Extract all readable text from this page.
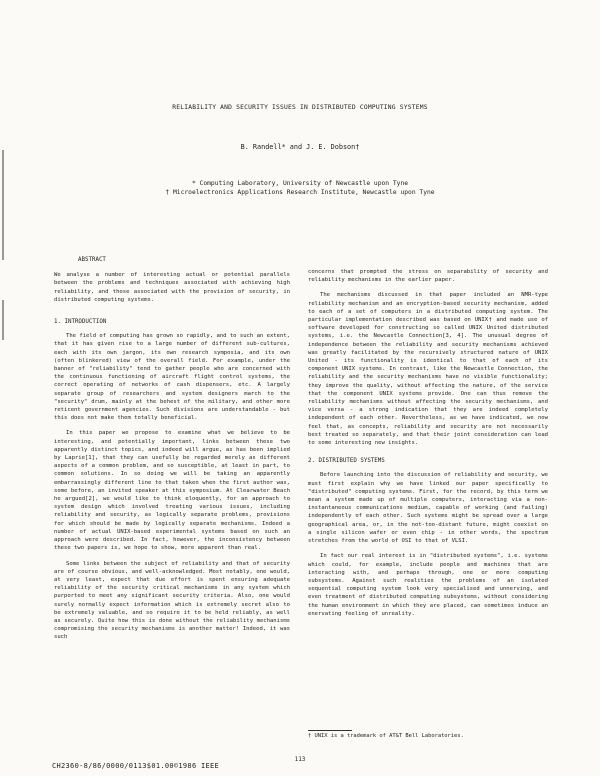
RELIABILITY AND SECURITY ISSUES IN DISTRIBUTED COMPUTING SYSTEMS
B. Randell* and J. E. Dobson†
* Computing Laboratory, University of Newcastle upon Tyne
† Microelectronics Applications Research Institute, Newcastle upon Tyne
ABSTRACT

We analyse a number of interesting actual or potential parallels between the problems and techniques associated with achieving high reliability, and those associated with the provision of security, in distributed computing systems.

1. INTRODUCTION

The field of computing has grown so rapidly, and to such an extent, that it has given rise to a large number of different sub-cultures, each with its own jargon, its own research symposia, and its own (often blinkered) view of the overall field. For example, under the banner of "reliability" tend to gather people who are concerned with the continuous functioning of aircraft flight control systems, the correct operating of networks of cash dispensers, etc. A largely separate group of researchers and system designers march to the "security" drum, mainly at the behest of the military, and other more reticent government agencies. Such divisions are understandable - but this does not make them totally beneficial.

In this paper we propose to examine what we believe to be interesting, and potentially important, links between these two apparently distinct topics, and indeed will argue, as has been implied by Laprie[1], that they can usefully be regarded merely as different aspects of a common problem, and so susceptible, at least in part, to common solutions. In so doing we will be taking an apparently embarrassingly different line to that taken when the first author was, some before, an invited speaker at this symposium. At Clearwater Beach he argued[2], we would like to think eloquently, for an approach to system design which involved treating various issues, including reliability and security, as logically separate problems, provisions for which should be made by logically separate mechanisms. Indeed a number of actual UNIX-based experimental systems based on such an approach were described. In fact, however, the inconsistency between these two papers is, we hope to show, more apparent than real.

Some links between the subject of reliability and that of security are of course obvious, and well-acknowledged. Most notably, one would, at very least, expect that due effort is spent ensuring adequate reliability of the security critical mechanisms in any system which purported to meet any significant security criteria. Also, one would surely normally expect information which is extremely secret also to be extremely valuable, and so require it to be held reliably, as well as securely. Quite how this is done without the reliability mechanisms compromising the security mechanisms is another matter! Indeed, it was such

concerns that prompted the stress on separability of security and reliability mechanisms in the earlier paper.

The mechanisms discussed in that paper included an NMR-type reliability mechanism and an encryption-based security mechanism, added to each of a set of computers in a distributed computing system. The particular implementation described was based on UNIX† and made use of software developed for constructing so called UNIX United distributed systems, i.e. the Newcastle Connection[3, 4]. The unusual degree of independence between the reliability and security mechanisms achieved was greatly facilitated by the recursively structured nature of UNIX United - its functionality is identical to that of each of its component UNIX systems. In contrast, like the Newcastle Connection, the reliability and the security mechanisms have no visible functionality; they improve the quality, without affecting the nature, of the service that the component UNIX systems provide. One can thus remove the reliability mechanisms without affecting the security mechanisms, and vice versa - a strong indication that they are indeed completely independent of each other. Nevertheless, as we have indicated, we now feel that, as concepts, reliability and security are not necessarily best treated so separately, and that their joint consideration can lead to some interesting new insights.

2. DISTRIBUTED SYSTEMS

Before launching into the discussion of reliability and security, we must first explain why we have linked our paper specifically to "distributed" computing systems. First, for the record, by this term we mean a system made up of multiple computers, interacting via a non-instantaneous communications medium, capable of working (and failing) independently of each other. Such systems might be spread over a large geographical area, or, in the not-too-distant future, might coexist on a single silicon wafer or even chip - in other words, the spectrum stretches from the world of OSI to that of VLSI.

In fact our real interest is in "distributed systems", i.e. systems which could, for example, include people and machines that are interacting with, and perhaps through, one or more computing subsystems. Against such realities the problems of an isolated sequential computing system look very specialised and unnerving, and even treatment of distributed computing subsystems, without considering the human environment in which they are placed, can sometimes induce an enervating feeling of unreality.

† UNIX is a trademark of AT&T Bell Laboratories.
113
CH2360-8/86/0000/0113$01.00©1986 IEEE
